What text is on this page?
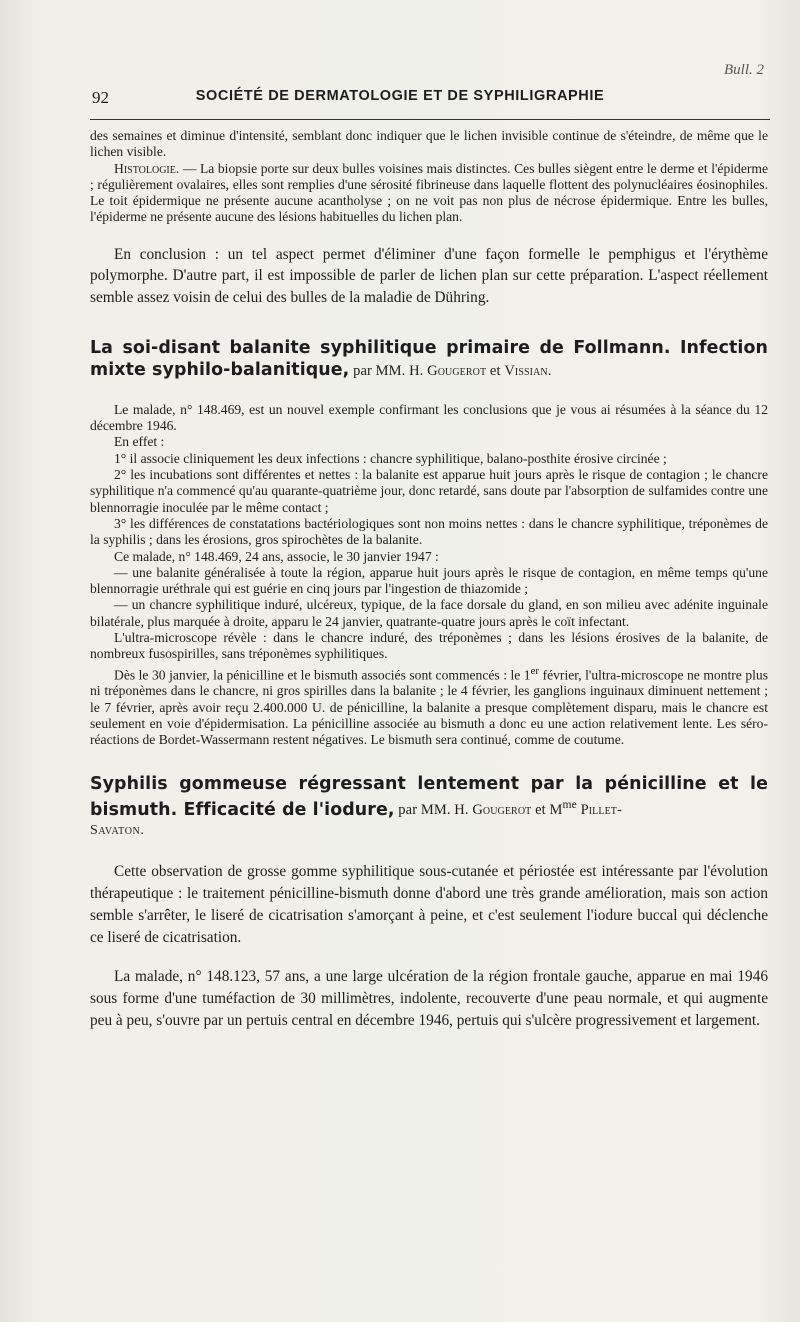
Bull. 2
92	SOCIÉTÉ DE DERMATOLOGIE ET DE SYPHILIGRAPHIE

des semaines et diminue d'intensité, semblant donc indiquer que le lichen invisible continue de s'éteindre, de même que le lichen visible.

Histologie. — La biopsie porte sur deux bulles voisines mais distinctes. Ces bulles siègent entre le derme et l'épiderme ; régulièrement ovalaires, elles sont remplies d'une sérosité fibrineuse dans laquelle flottent des polynucléaires éosinophiles. Le toit épidermique ne présente aucune acantholyse ; on ne voit pas non plus de nécrose épidermique. Entre les bulles, l'épiderme ne présente aucune des lésions habituelles du lichen plan.

En conclusion : un tel aspect permet d'éliminer d'une façon formelle le pemphigus et l'érythème polymorphe. D'autre part, il est impossible de parler de lichen plan sur cette préparation. L'aspect réellement semble assez voisin de celui des bulles de la maladie de Dühring.

La soi-disant balanite syphilitique primaire de Follmann. Infection mixte syphilo-balanitique, par MM. H. Gougerot et Vissian.

Le malade, n° 148.469, est un nouvel exemple confirmant les conclusions que je vous ai résumées à la séance du 12 décembre 1946.

En effet :

1° il associe cliniquement les deux infections : chancre syphilitique, balano-posthite érosive circinée ;

2° les incubations sont différentes et nettes : la balanite est apparue huit jours après le risque de contagion ; le chancre syphilitique n'a commencé qu'au quarante-quatrième jour, donc retardé, sans doute par l'absorption de sulfamides contre une blennorragie inoculée par le même contact ;

3° les différences de constatations bactériologiques sont non moins nettes : dans le chancre syphilitique, tréponèmes de la syphilis ; dans les érosions, gros spirochètes de la balanite.

Ce malade, n° 148.469, 24 ans, associe, le 30 janvier 1947 :

— une balanite généralisée à toute la région, apparue huit jours après le risque de contagion, en même temps qu'une blennorragie uréthrale qui est guérie en cinq jours par l'ingestion de thiazomide ;

— un chancre syphilitique induré, ulcéreux, typique, de la face dorsale du gland, en son milieu avec adénite inguinale bilatérale, plus marquée à droite, apparu le 24 janvier, quatrante-quatre jours après le coït infectant.

L'ultra-microscope révèle : dans le chancre induré, des tréponèmes ; dans les lésions érosives de la balanite, de nombreux fusospirilles, sans tréponèmes syphilitiques.

Dès le 30 janvier, la pénicilline et le bismuth associés sont commencés : le 1er février, l'ultra-microscope ne montre plus ni tréponèmes dans le chancre, ni gros spirilles dans la balanite ; le 4 février, les ganglions inguinaux diminuent nettement ; le 7 février, après avoir reçu 2.400.000 U. de pénicilline, la balanite a presque complètement disparu, mais le chancre est seulement en voie d'épidermisation. La pénicilline associée au bismuth a donc eu une action relativement lente. Les séro-réactions de Bordet-Wassermann restent négatives. Le bismuth sera continué, comme de coutume.

Syphilis gommeuse régressant lentement par la pénicilline et le bismuth. Efficacité de l'iodure, par MM. H. Gougerot et $M^{me}$ Pillet-
Savaton.

Cette observation de grosse gomme syphilitique sous-cutanée et périostée est intéressante par l'évolution thérapeutique : le traitement pénicilline-bismuth donne d'abord une très grande amélioration, mais son action semble s'arrêter, le liseré de cicatrisation s'amorçant à peine, et c'est seulement l'iodure buccal qui déclenche ce liseré de cicatrisation.

La malade, n° 148.123, 57 ans, a une large ulcération de la région frontale gauche, apparue en mai 1946 sous forme d'une tuméfaction de 30 millimètres, indolente, recouverte d'une peau normale, et qui augmente peu à peu, s'ouvre par un pertuis central en décembre 1946, pertuis qui s'ulcère progressivement et largement.
